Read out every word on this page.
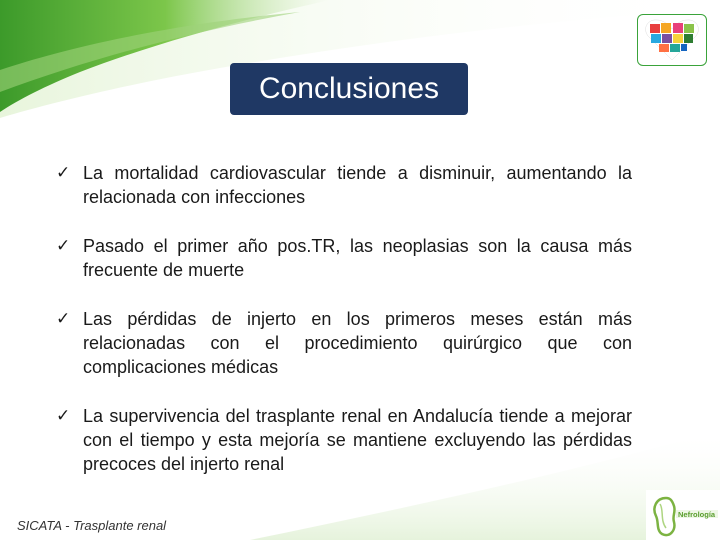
Conclusiones
✓ La mortalidad cardiovascular tiende a disminuir, aumentando la relacionada con infecciones
✓ Pasado el primer año pos.TR, las neoplasias son la causa más frecuente de muerte
✓ Las pérdidas de injerto en los primeros meses están más relacionadas con el procedimiento quirúrgico que con complicaciones médicas
✓ La supervivencia del trasplante renal en Andalucía tiende a mejorar con el tiempo y esta mejoría se mantiene excluyendo las pérdidas precoces del injerto renal
SICATA - Trasplante renal
Nefrología
